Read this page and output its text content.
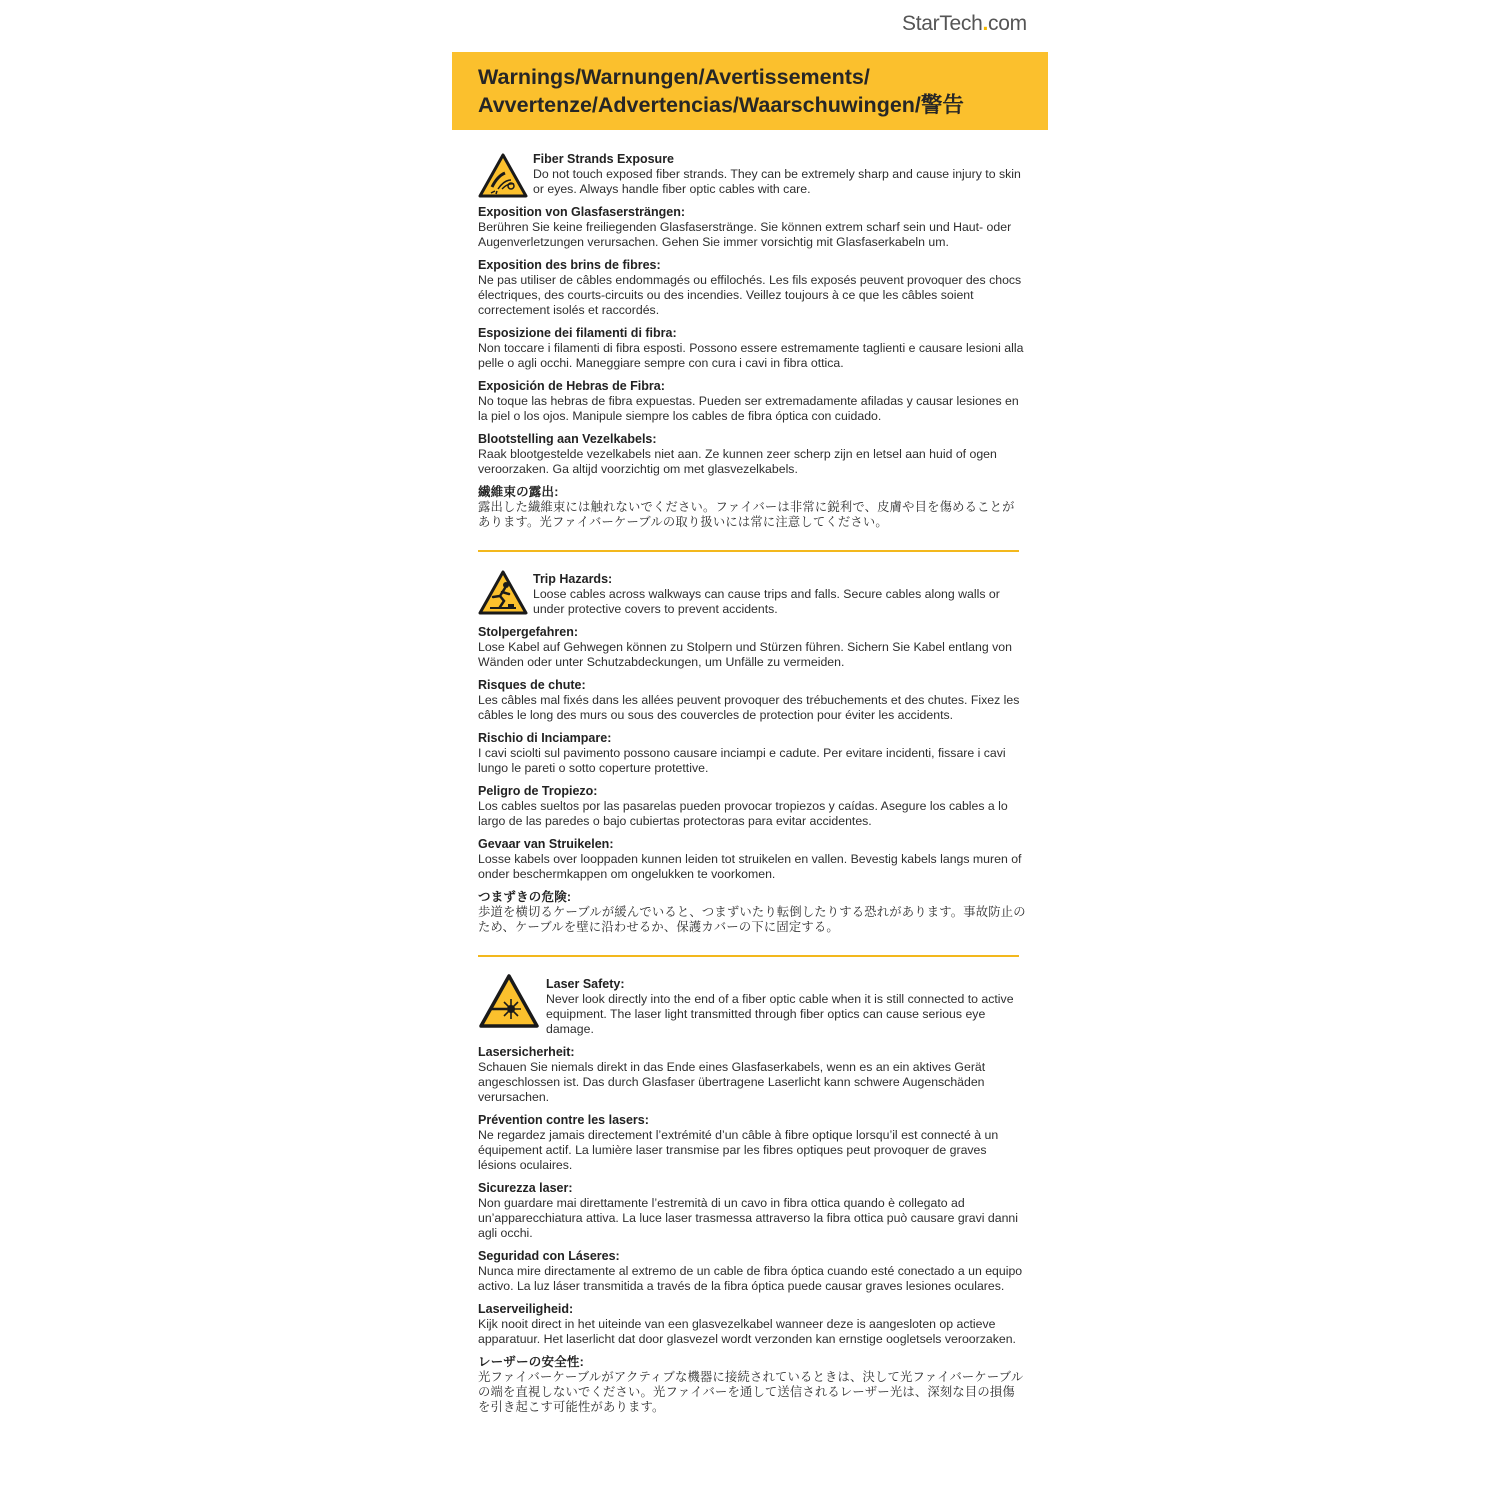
StarTech.com
Warnings/Warnungen/Avertissements/
Avvertenze/Advertencias/Waarschuwingen/警告
Fiber Strands Exposure
Do not touch exposed fiber strands. They can be extremely sharp and cause injury to skin or eyes. Always handle fiber optic cables with care.
Exposition von Glasfasersträngen:
Berühren Sie keine freiliegenden Glasfaserstränge. Sie können extrem scharf sein und Haut- oder Augenverletzungen verursachen. Gehen Sie immer vorsichtig mit Glasfaserkabeln um.
Exposition des brins de fibres:
Ne pas utiliser de câbles endommagés ou effilochés. Les fils exposés peuvent provoquer des chocs électriques, des courts-circuits ou des incendies. Veillez toujours à ce que les câbles soient correctement isolés et raccordés.
Esposizione dei filamenti di fibra:
Non toccare i filamenti di fibra esposti. Possono essere estremamente taglienti e causare lesioni alla pelle o agli occhi. Maneggiare sempre con cura i cavi in fibra ottica.
Exposición de Hebras de Fibra:
No toque las hebras de fibra expuestas. Pueden ser extremadamente afiladas y causar lesiones en la piel o los ojos. Manipule siempre los cables de fibra óptica con cuidado.
Blootstelling aan Vezelkabels:
Raak blootgestelde vezelkabels niet aan. Ze kunnen zeer scherp zijn en letsel aan huid of ogen veroorzaken. Ga altijd voorzichtig om met glasvezelkabels.
繊維束の露出:
露出した繊維束には触れないでください。ファイバーは非常に鋭利で、皮膚や目を傷めることがあります。光ファイバーケーブルの取り扱いには常に注意してください。
Trip Hazards:
Loose cables across walkways can cause trips and falls. Secure cables along walls or under protective covers to prevent accidents.
Stolpergefahren:
Lose Kabel auf Gehwegen können zu Stolpern und Stürzen führen. Sichern Sie Kabel entlang von Wänden oder unter Schutzabdeckungen, um Unfälle zu vermeiden.
Risques de chute:
Les câbles mal fixés dans les allées peuvent provoquer des trébuchements et des chutes. Fixez les câbles le long des murs ou sous des couvercles de protection pour éviter les accidents.
Rischio di Inciampare:
I cavi sciolti sul pavimento possono causare inciampi e cadute. Per evitare incidenti, fissare i cavi lungo le pareti o sotto coperture protettive.
Peligro de Tropiezo:
Los cables sueltos por las pasarelas pueden provocar tropiezos y caídas. Asegure los cables a lo largo de las paredes o bajo cubiertas protectoras para evitar accidentes.
Gevaar van Struikelen:
Losse kabels over looppaden kunnen leiden tot struikelen en vallen. Bevestig kabels langs muren of onder beschermkappen om ongelukken te voorkomen.
つまずきの危険:
歩道を横切るケーブルが緩んでいると、つまずいたり転倒したりする恐れがあります。事故防止のため、ケーブルを壁に沿わせるか、保護カバーの下に固定する。
Laser Safety:
Never look directly into the end of a fiber optic cable when it is still connected to active equipment. The laser light transmitted through fiber optics can cause serious eye damage.
Lasersicherheit:
Schauen Sie niemals direkt in das Ende eines Glasfaserkabels, wenn es an ein aktives Gerät angeschlossen ist. Das durch Glasfaser übertragene Laserlicht kann schwere Augenschäden verursachen.
Prévention contre les lasers:
Ne regardez jamais directement l’extrémité d’un câble à fibre optique lorsqu’il est connecté à un équipement actif. La lumière laser transmise par les fibres optiques peut provoquer de graves lésions oculaires.
Sicurezza laser:
Non guardare mai direttamente l’estremità di un cavo in fibra ottica quando è collegato ad un’apparecchiatura attiva. La luce laser trasmessa attraverso la fibra ottica può causare gravi danni agli occhi.
Seguridad con Láseres:
Nunca mire directamente al extremo de un cable de fibra óptica cuando esté conectado a un equipo activo. La luz láser transmitida a través de la fibra óptica puede causar graves lesiones oculares.
Laserveiligheid:
Kijk nooit direct in het uiteinde van een glasvezelkabel wanneer deze is aangesloten op actieve apparatuur. Het laserlicht dat door glasvezel wordt verzonden kan ernstige oogletsels veroorzaken.
レーザーの安全性:
光ファイバーケーブルがアクティブな機器に接続されているときは、決して光ファイバーケーブルの端を直視しないでください。光ファイバーを通して送信されるレーザー光は、深刻な目の損傷を引き起こす可能性があります。
